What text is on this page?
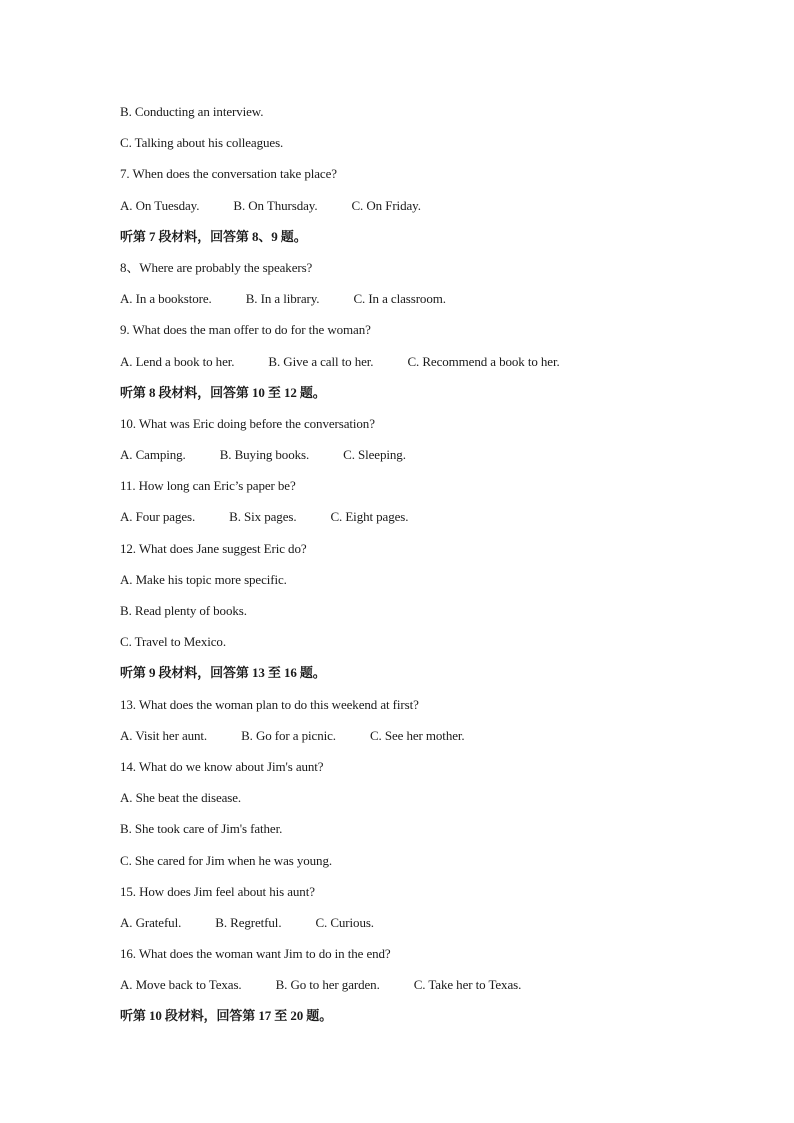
B. Conducting an interview.
C. Talking about his colleagues.
7. When does the conversation take place?
A. On Tuesday.	B. On Thursday.	C. On Friday.
听第 7 段材料，回答第 8、9 题。
8、Where are probably the speakers?
A. In a bookstore.	B. In a library.	C. In a classroom.
9. What does the man offer to do for the woman?
A. Lend a book to her.	B. Give a call to her.	C. Recommend a book to her.
听第 8 段材料，回答第 10 至 12 题。
10. What was Eric doing before the conversation?
A. Camping.	B. Buying books.	C. Sleeping.
11. How long can Eric’s paper be?
A. Four pages.	B. Six pages.	C. Eight pages.
12. What does Jane suggest Eric do?
A. Make his topic more specific.
B. Read plenty of books.
C. Travel to Mexico.
听第 9 段材料，回答第 13 至 16 题。
13. What does the woman plan to do this weekend at first?
A. Visit her aunt.	B. Go for a picnic.	C. See her mother.
14. What do we know about Jim's aunt?
A. She beat the disease.
B. She took care of Jim's father.
C. She cared for Jim when he was young.
15. How does Jim feel about his aunt?
A. Grateful.	B. Regretful.	C. Curious.
16. What does the woman want Jim to do in the end?
A. Move back to Texas.	B. Go to her garden.	C. Take her to Texas.
听第 10 段材料，回答第 17 至 20 题。
